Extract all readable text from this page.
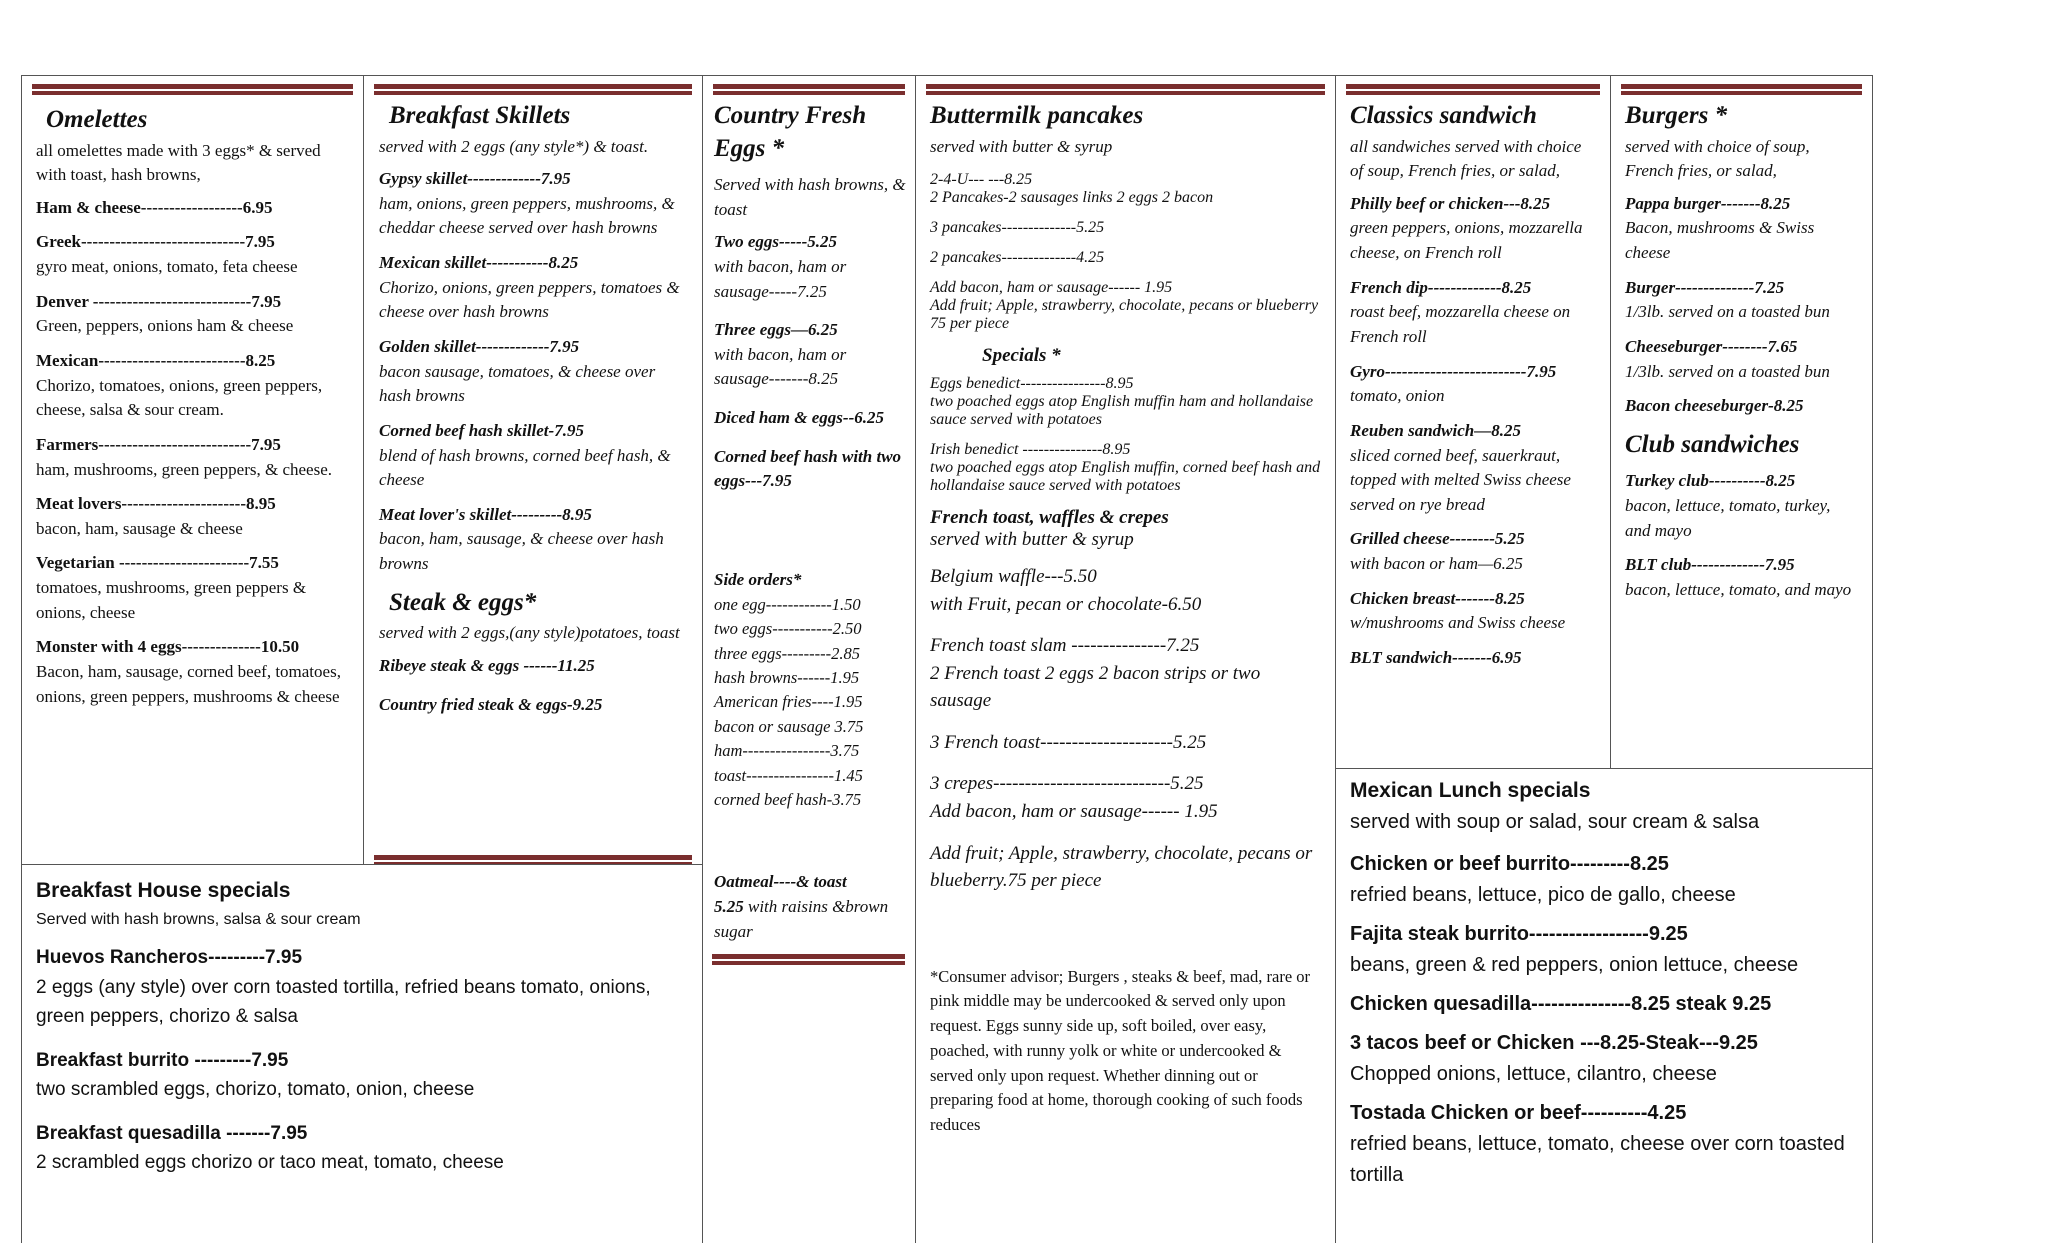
Omelettes
all omelettes made with 3 eggs* & served with toast, hash browns,
Ham & cheese------------------6.95
Greek-----------------------------7.95
gyro meat, onions, tomato, feta cheese
Denver ----------------------------7.95
Green, peppers, onions ham & cheese
Mexican--------------------------8.25
Chorizo, tomatoes, onions, green peppers, cheese, salsa & sour cream.
Farmers---------------------------7.95
ham, mushrooms, green peppers, & cheese.
Meat lovers----------------------8.95
bacon, ham, sausage & cheese
Vegetarian -----------------------7.55
tomatoes, mushrooms, green peppers & onions, cheese
Monster with 4 eggs--------------10.50
Bacon, ham, sausage, corned beef, tomatoes, onions, green peppers, mushrooms & cheese
Breakfast Skillets
served with 2 eggs (any style*) & toast.
Gypsy skillet-------------7.95
ham, onions, green peppers, mushrooms, & cheddar cheese served over hash browns
Mexican skillet-----------8.25
Chorizo, onions, green peppers, tomatoes & cheese over hash browns
Golden skillet-------------7.95
bacon sausage, tomatoes, & cheese over hash browns
Corned beef hash skillet-7.95
blend of hash browns, corned beef hash, & cheese
Meat lover's skillet---------8.95
bacon, ham, sausage, & cheese over hash browns
Steak & eggs*
served with 2 eggs,(any style)potatoes, toast
Ribeye steak & eggs ------11.25
Country fried steak & eggs-9.25
Breakfast House specials
Served with hash browns, salsa & sour cream
Huevos Rancheros---------7.95
2 eggs (any style) over corn toasted tortilla, refried beans tomato, onions, green peppers, chorizo & salsa
Breakfast burrito ---------7.95
two scrambled eggs, chorizo, tomato, onion, cheese
Breakfast quesadilla -------7.95
2 scrambled eggs chorizo or taco meat, tomato, cheese
Country Fresh Eggs *
Served with hash browns, & toast
Two eggs-----5.25
with bacon, ham or sausage-----7.25
Three eggs—6.25
with bacon, ham or sausage-------8.25
Diced ham & eggs--6.25
Corned beef hash with two eggs---7.95
Side orders*
one egg------------1.50
two eggs-----------2.50
three eggs---------2.85
hash browns------1.95
American fries----1.95
bacon or sausage 3.75
ham----------------3.75
toast----------------1.45
corned beef hash-3.75
Oatmeal----& toast
5.25 with raisins &brown sugar
Buttermilk pancakes
served with butter & syrup
2-4-U--- ---8.25
2 Pancakes-2 sausages links 2 eggs 2 bacon
3 pancakes--------------5.25
2 pancakes--------------4.25
Add bacon, ham or sausage------ 1.95
Add fruit; Apple, strawberry, chocolate, pecans or blueberry 75 per piece
Specials *
Eggs benedict----------------8.95
two poached eggs atop English muffin ham and hollandaise sauce served with potatoes
Irish benedict ---------------8.95
two poached eggs atop English muffin, corned beef hash and hollandaise sauce served with potatoes
French toast, waffles & crepes
served with butter & syrup
Belgium waffle---5.50
with Fruit, pecan or chocolate-6.50
French toast slam ---------------7.25
2 French toast 2 eggs 2 bacon strips or two sausage
3 French toast---------------------5.25
3 crepes----------------------------5.25
Add bacon, ham or sausage------ 1.95
Add fruit; Apple, strawberry, chocolate, pecans or blueberry.75 per piece
*Consumer advisor; Burgers , steaks & beef, mad, rare or pink middle may be undercooked & served only upon request. Eggs sunny side up, soft boiled, over easy, poached, with runny yolk or white or undercooked & served only upon request. Whether dinning out or preparing food at home, thorough cooking of such foods reduces
Classics sandwich
all sandwiches served with choice of soup, French fries, or salad,
Philly beef or chicken---8.25
green peppers, onions, mozzarella cheese, on French roll
French dip-------------8.25
roast beef, mozzarella cheese on French roll
Gyro-------------------------7.95
tomato, onion
Reuben sandwich—8.25
sliced corned beef, sauerkraut, topped with melted Swiss cheese served on rye bread
Grilled cheese--------5.25
with bacon or ham—6.25
Chicken breast-------8.25
w/mushrooms and Swiss cheese
BLT sandwich-------6.95
Burgers *
served with choice of soup, French fries, or salad,
Pappa burger-------8.25
Bacon, mushrooms & Swiss cheese
Burger--------------7.25
1/3lb. served on a toasted bun
Cheeseburger--------7.65
1/3lb. served on a toasted bun
Bacon cheeseburger-8.25
Club sandwiches
Turkey club----------8.25
bacon, lettuce, tomato, turkey, and mayo
BLT club-------------7.95
bacon, lettuce, tomato, and mayo
Mexican Lunch specials
served with soup or salad, sour cream & salsa
Chicken or beef burrito---------8.25
refried beans, lettuce, pico de gallo, cheese
Fajita steak burrito------------------9.25
beans, green & red peppers, onion lettuce, cheese
Chicken quesadilla---------------8.25 steak 9.25
3 tacos beef or Chicken ---8.25-Steak---9.25
Chopped onions, lettuce, cilantro, cheese
Tostada Chicken or beef----------4.25
refried beans, lettuce, tomato, cheese over corn toasted tortilla
